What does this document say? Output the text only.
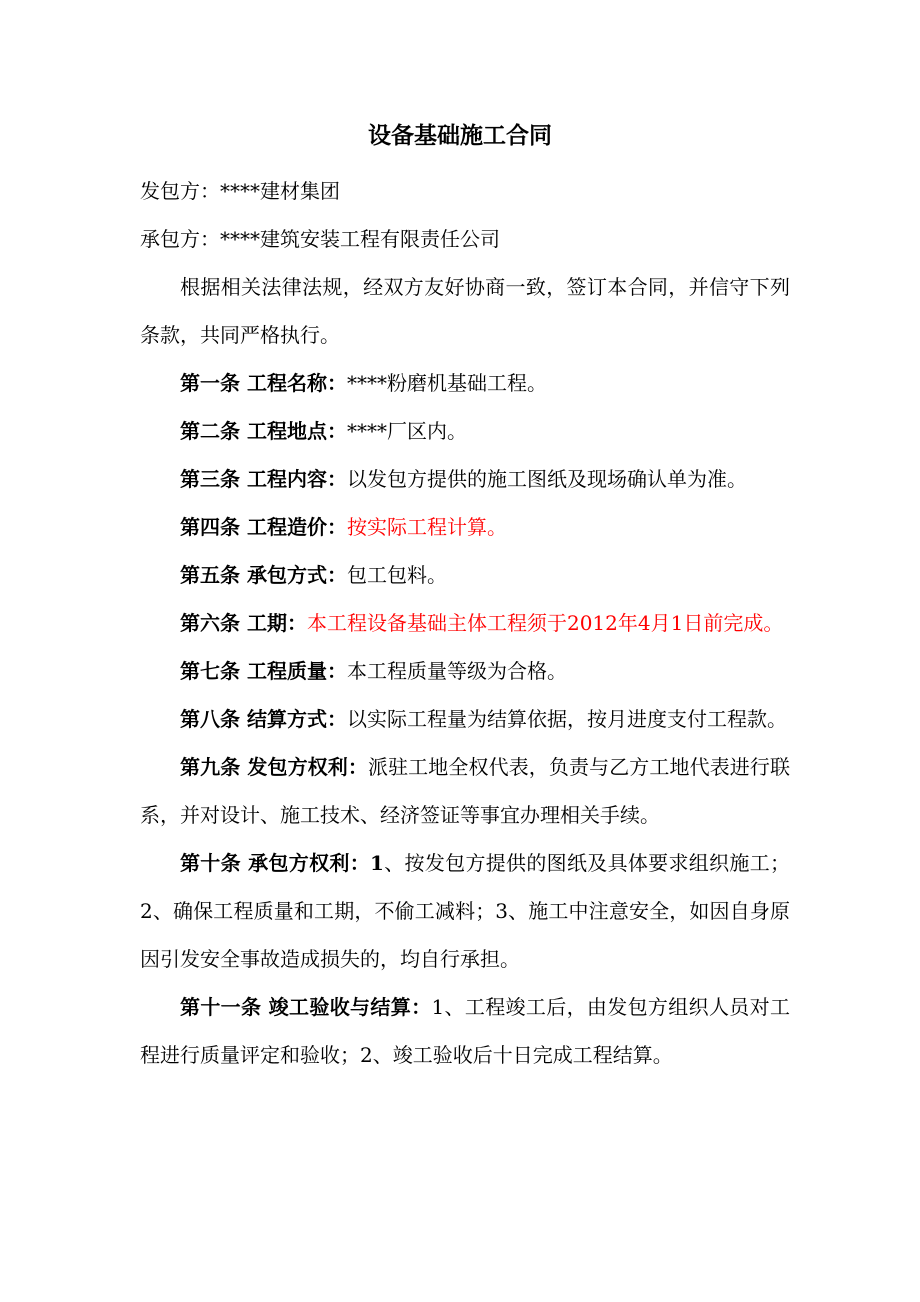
设备基础施工合同

发包方：****建材集团

承包方：****建筑安装工程有限责任公司

根据相关法律法规，经双方友好协商一致，签订本合同，并信守下列条款，共同严格执行。

第一条 工程名称：****粉磨机基础工程。

第二条 工程地点：****厂区内。

第三条 工程内容：以发包方提供的施工图纸及现场确认单为准。

第四条 工程造价：按实际工程计算。

第五条 承包方式：包工包料。

第六条 工期：本工程设备基础主体工程须于2012年4月1日前完成。

第七条 工程质量：本工程质量等级为合格。

第八条 结算方式：以实际工程量为结算依据，按月进度支付工程款。

第九条 发包方权利：派驻工地全权代表，负责与乙方工地代表进行联系，并对设计、施工技术、经济签证等事宜办理相关手续。

第十条 承包方权利：1、按发包方提供的图纸及具体要求组织施工；2、确保工程质量和工期，不偷工减料；3、施工中注意安全，如因自身原因引发安全事故造成损失的，均自行承担。

第十一条 竣工验收与结算：1、工程竣工后，由发包方组织人员对工程进行质量评定和验收；2、竣工验收后十日完成工程结算。
